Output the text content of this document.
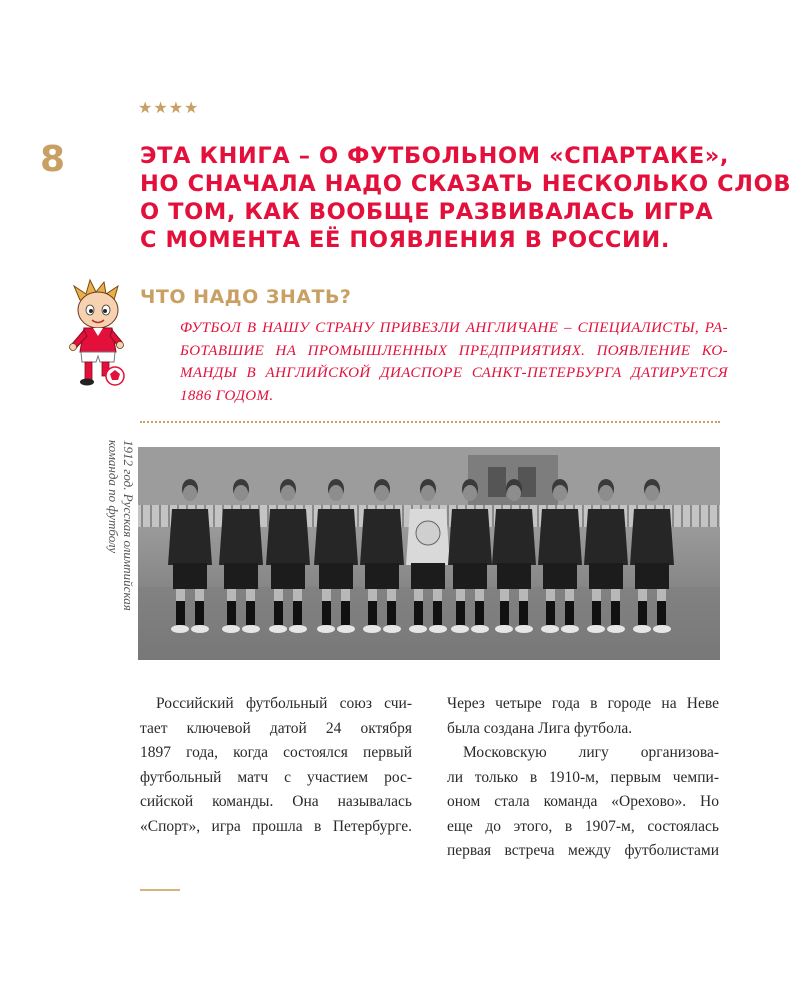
★★★★
8	ЭТА КНИГА – О ФУТБОЛЬНОМ «СПАРТАКЕ»,
НО СНАЧАЛА НАДО СКАЗАТЬ НЕСКОЛЬКО СЛОВ
О ТОМ, КАК ВООБЩЕ РАЗВИВАЛАСЬ ИГРА
С МОМЕНТА ЕЁ ПОЯВЛЕНИЯ В РОССИИ.
ЧТО НАДО ЗНАТЬ?
ФУТБОЛ В НАШУ СТРАНУ ПРИВЕЗЛИ АНГЛИЧАНЕ – СПЕЦИАЛИСТЫ, РА-
БОТАВШИЕ НА ПРОМЫШЛЕННЫХ ПРЕДПРИЯТИЯХ. ПОЯВЛЕНИЕ КО-
МАНДЫ В АНГЛИЙСКОЙ ДИАСПОРЕ САНКТ-ПЕТЕРБУРГА ДАТИРУЕТСЯ
1886 ГОДОМ.
1912 год. Русская олимпийская
команда по футболу
Российский футбольный союз счи-
тает ключевой датой 24 октября
1897 года, когда состоялся первый
футбольный матч с участием рос-
сийской команды. Она называлась
«Спорт», игра прошла в Петербурге.
Через четыре года в городе на Неве
была создана Лига футбола.
Московскую лигу организова-
ли только в 1910-м, первым чемпи-
оном стала команда «Орехово». Но
еще до этого, в 1907-м, состоялась
первая встреча между футболистами
